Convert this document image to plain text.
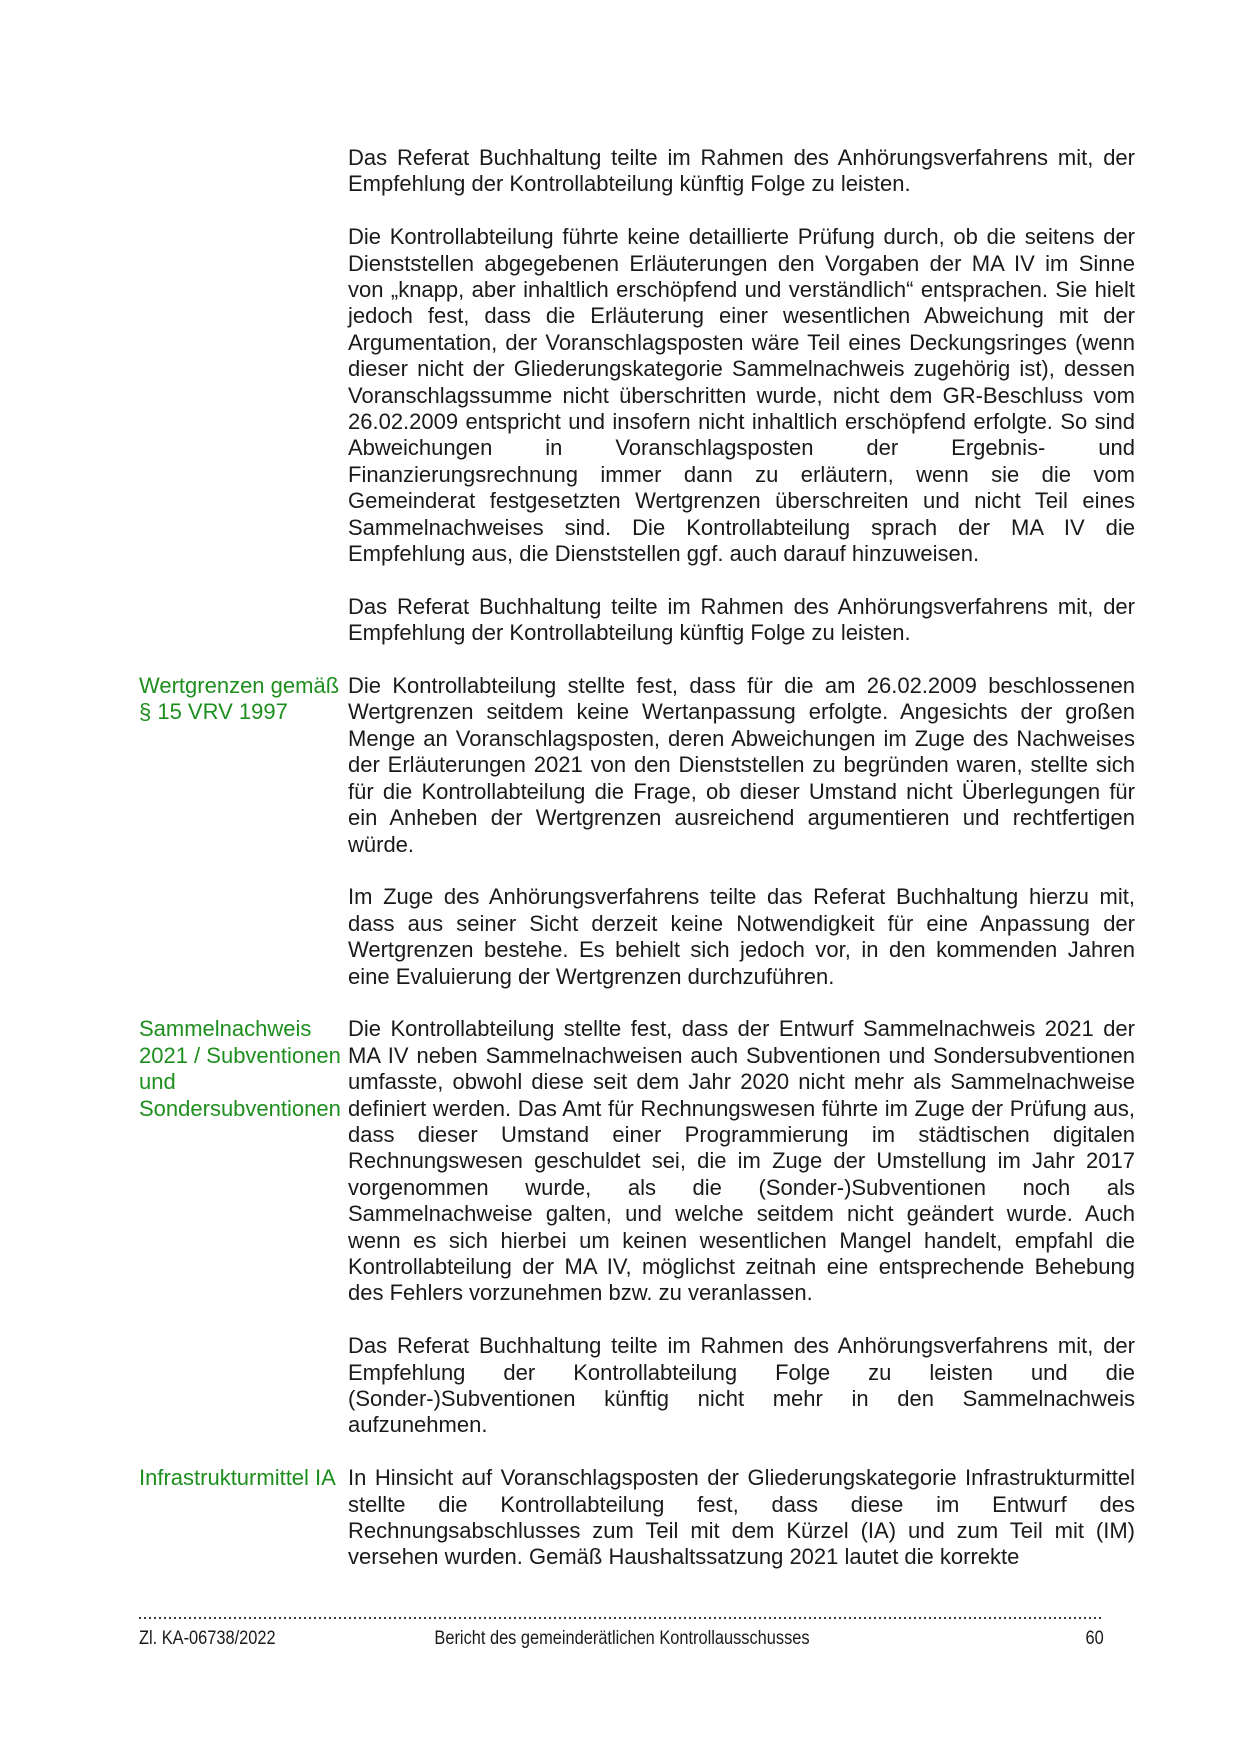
Das Referat Buchhaltung teilte im Rahmen des Anhörungsverfahrens mit, der Empfehlung der Kontrollabteilung künftig Folge zu leisten.

Die Kontrollabteilung führte keine detaillierte Prüfung durch, ob die seitens der Dienststellen abgegebenen Erläuterungen den Vorgaben der MA IV im Sinne von „knapp, aber inhaltlich erschöpfend und verständlich“ entsprachen. Sie hielt jedoch fest, dass die Erläuterung einer wesentlichen Abweichung mit der Argumentation, der Voranschlagsposten wäre Teil eines Deckungsringes (wenn dieser nicht der Gliederungskategorie Sammelnachweis zugehörig ist), dessen Voranschlagssumme nicht überschritten wurde, nicht dem GR-Beschluss vom 26.02.2009 entspricht und insofern nicht inhaltlich erschöpfend erfolgte. So sind Abweichungen in Voranschlagsposten der Ergebnis- und Finanzierungsrechnung immer dann zu erläutern, wenn sie die vom Gemeinderat festgesetzten Wertgrenzen überschreiten und nicht Teil eines Sammelnachweises sind. Die Kontrollabteilung sprach der MA IV die Empfehlung aus, die Dienststellen ggf. auch darauf hinzuweisen.

Das Referat Buchhaltung teilte im Rahmen des Anhörungsverfahrens mit, der Empfehlung der Kontrollabteilung künftig Folge zu leisten.

Wertgrenzen gemäß
§ 15 VRV 1997

Die Kontrollabteilung stellte fest, dass für die am 26.02.2009 beschlossenen Wertgrenzen seitdem keine Wertanpassung erfolgte. Angesichts der großen Menge an Voranschlagsposten, deren Abweichungen im Zuge des Nachweises der Erläuterungen 2021 von den Dienststellen zu begründen waren, stellte sich für die Kontrollabteilung die Frage, ob dieser Umstand nicht Überlegungen für ein Anheben der Wertgrenzen ausreichend argumentieren und rechtfertigen würde.

Im Zuge des Anhörungsverfahrens teilte das Referat Buchhaltung hierzu mit, dass aus seiner Sicht derzeit keine Notwendigkeit für eine Anpassung der Wertgrenzen bestehe. Es behielt sich jedoch vor, in den kommenden Jahren eine Evaluierung der Wertgrenzen durchzuführen.

Sammelnachweis
2021 / Subventionen
und
Sondersubventionen

Die Kontrollabteilung stellte fest, dass der Entwurf Sammelnachweis 2021 der MA IV neben Sammelnachweisen auch Subventionen und Sondersubventionen umfasste, obwohl diese seit dem Jahr 2020 nicht mehr als Sammelnachweise definiert werden. Das Amt für Rechnungswesen führte im Zuge der Prüfung aus, dass dieser Umstand einer Programmierung im städtischen digitalen Rechnungswesen geschuldet sei, die im Zuge der Umstellung im Jahr 2017 vorgenommen wurde, als die (Sonder-)Subventionen noch als Sammelnachweise galten, und welche seitdem nicht geändert wurde. Auch wenn es sich hierbei um keinen wesentlichen Mangel handelt, empfahl die Kontrollabteilung der MA IV, möglichst zeitnah eine entsprechende Behebung des Fehlers vorzunehmen bzw. zu veranlassen.

Das Referat Buchhaltung teilte im Rahmen des Anhörungsverfahrens mit, der Empfehlung der Kontrollabteilung Folge zu leisten und die (Sonder-)Subventionen künftig nicht mehr in den Sammelnachweis aufzunehmen.

Infrastrukturmittel IA In Hinsicht auf Voranschlagsposten der Gliederungskategorie Infrastrukturmittel stellte die Kontrollabteilung fest, dass diese im Entwurf des Rechnungsabschlusses zum Teil mit dem Kürzel (IA) und zum Teil mit (IM) versehen wurden. Gemäß Haushaltssatzung 2021 lautet die korrekte

Zl. KA-06738/2022	Bericht des gemeinderätlichen Kontrollausschusses	60
